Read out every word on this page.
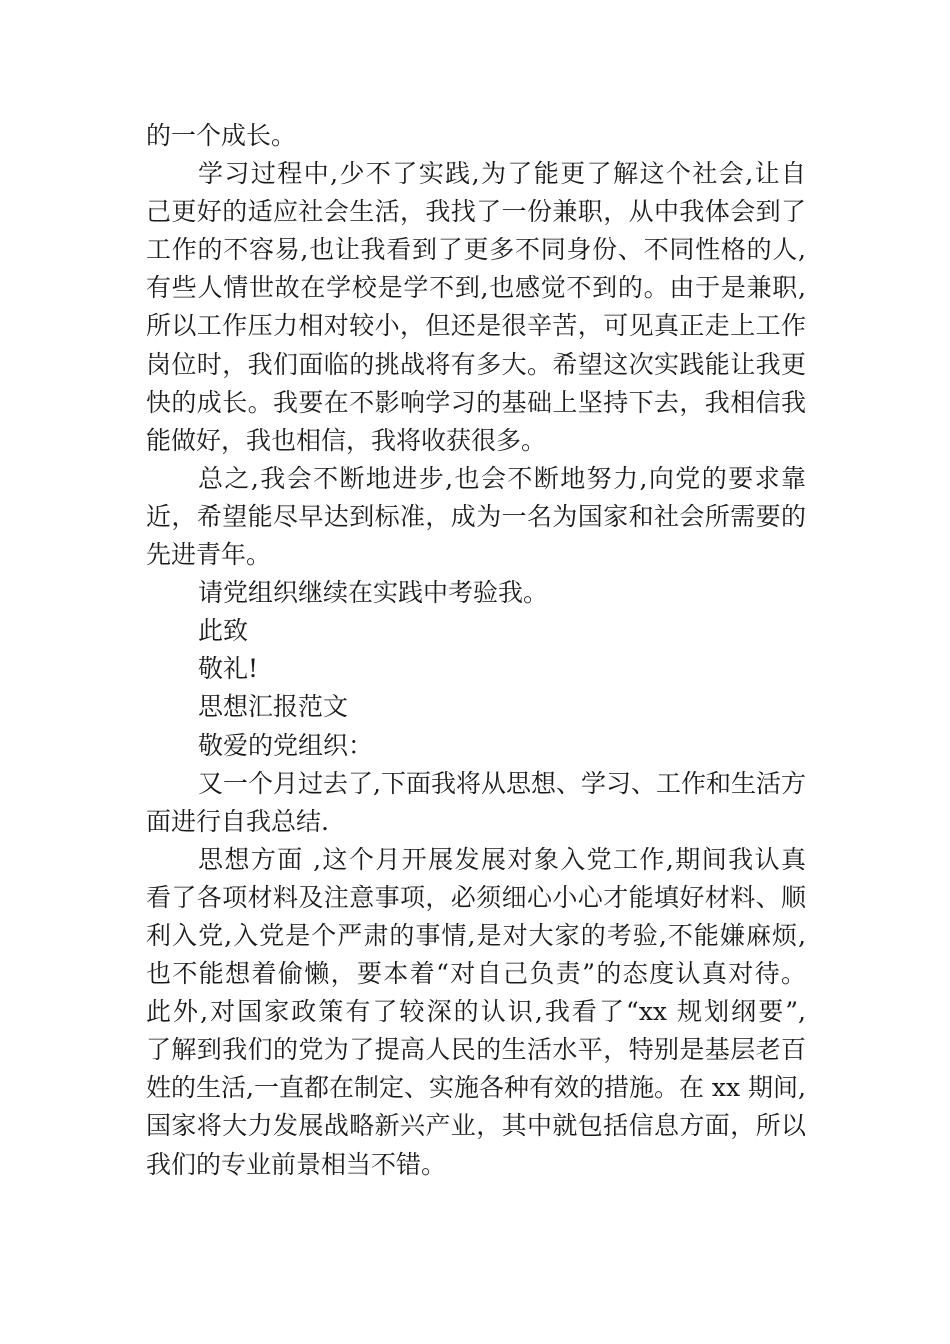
的一个成长。
学习过程中,少不了实践,为了能更了解这个社会,让自
己更好的适应社会生活，我找了一份兼职，从中我体会到了
工作的不容易,也让我看到了更多不同身份、不同性格的人,
有些人情世故在学校是学不到,也感觉不到的。由于是兼职,
所以工作压力相对较小，但还是很辛苦，可见真正走上工作
岗位时，我们面临的挑战将有多大。希望这次实践能让我更
快的成长。我要在不影响学习的基础上坚持下去，我相信我
能做好，我也相信，我将收获很多。
总之,我会不断地进步,也会不断地努力,向党的要求靠
近，希望能尽早达到标准，成为一名为国家和社会所需要的
先进青年。
请党组织继续在实践中考验我。
此致
敬礼!
思想汇报范文
敬爱的党组织：
又一个月过去了,下面我将从思想、学习、工作和生活方
面进行自我总结.
思想方面 ,这个月开展发展对象入党工作,期间我认真
看了各项材料及注意事项，必须细心小心才能填好材料、顺
利入党,入党是个严肃的事情,是对大家的考验,不能嫌麻烦,
也不能想着偷懒，要本着“对自己负责”的态度认真对待。
此外,对国家政策有了较深的认识,我看了“xx 规划纲要”,
了解到我们的党为了提高人民的生活水平，特别是基层老百
姓的生活,一直都在制定、实施各种有效的措施。在 xx 期间,
国家将大力发展战略新兴产业，其中就包括信息方面，所以
我们的专业前景相当不错。
